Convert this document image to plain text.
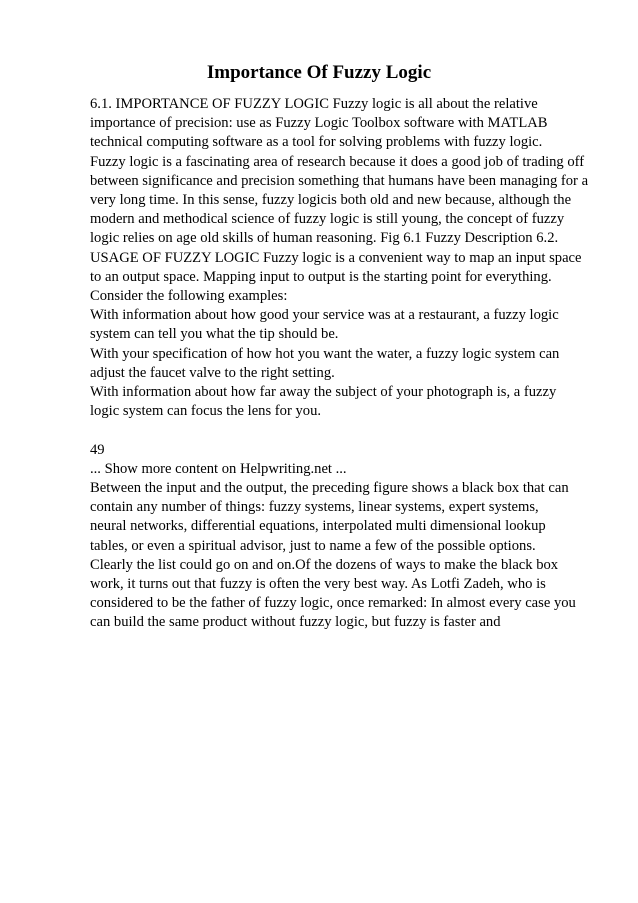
Importance Of Fuzzy Logic
6.1. IMPORTANCE OF FUZZY LOGIC Fuzzy logic is all about the relative
importance of precision: use as Fuzzy Logic Toolbox software with MATLAB
technical computing software as a tool for solving problems with fuzzy logic.
Fuzzy logic is a fascinating area of research because it does a good job of trading off
between significance and precision something that humans have been managing for a
very long time. In this sense, fuzzy logicis both old and new because, although the
modern and methodical science of fuzzy logic is still young, the concept of fuzzy
logic relies on age old skills of human reasoning. Fig 6.1 Fuzzy Description 6.2.
USAGE OF FUZZY LOGIC Fuzzy logic is a convenient way to map an input space
to an output space. Mapping input to output is the starting point for everything.
Consider the following examples:
With information about how good your service was at a restaurant, a fuzzy logic
system can tell you what the tip should be.
With your specification of how hot you want the water, a fuzzy logic system can
adjust the faucet valve to the right setting.
With information about how far away the subject of your photograph is, a fuzzy
logic system can focus the lens for you.
49
... Show more content on Helpwriting.net ...
Between the input and the output, the preceding figure shows a black box that can
contain any number of things: fuzzy systems, linear systems, expert systems,
neural networks, differential equations, interpolated multi dimensional lookup
tables, or even a spiritual advisor, just to name a few of the possible options.
Clearly the list could go on and on.Of the dozens of ways to make the black box
work, it turns out that fuzzy is often the very best way. As Lotfi Zadeh, who is
considered to be the father of fuzzy logic, once remarked: In almost every case you
can build the same product without fuzzy logic, but fuzzy is faster and
